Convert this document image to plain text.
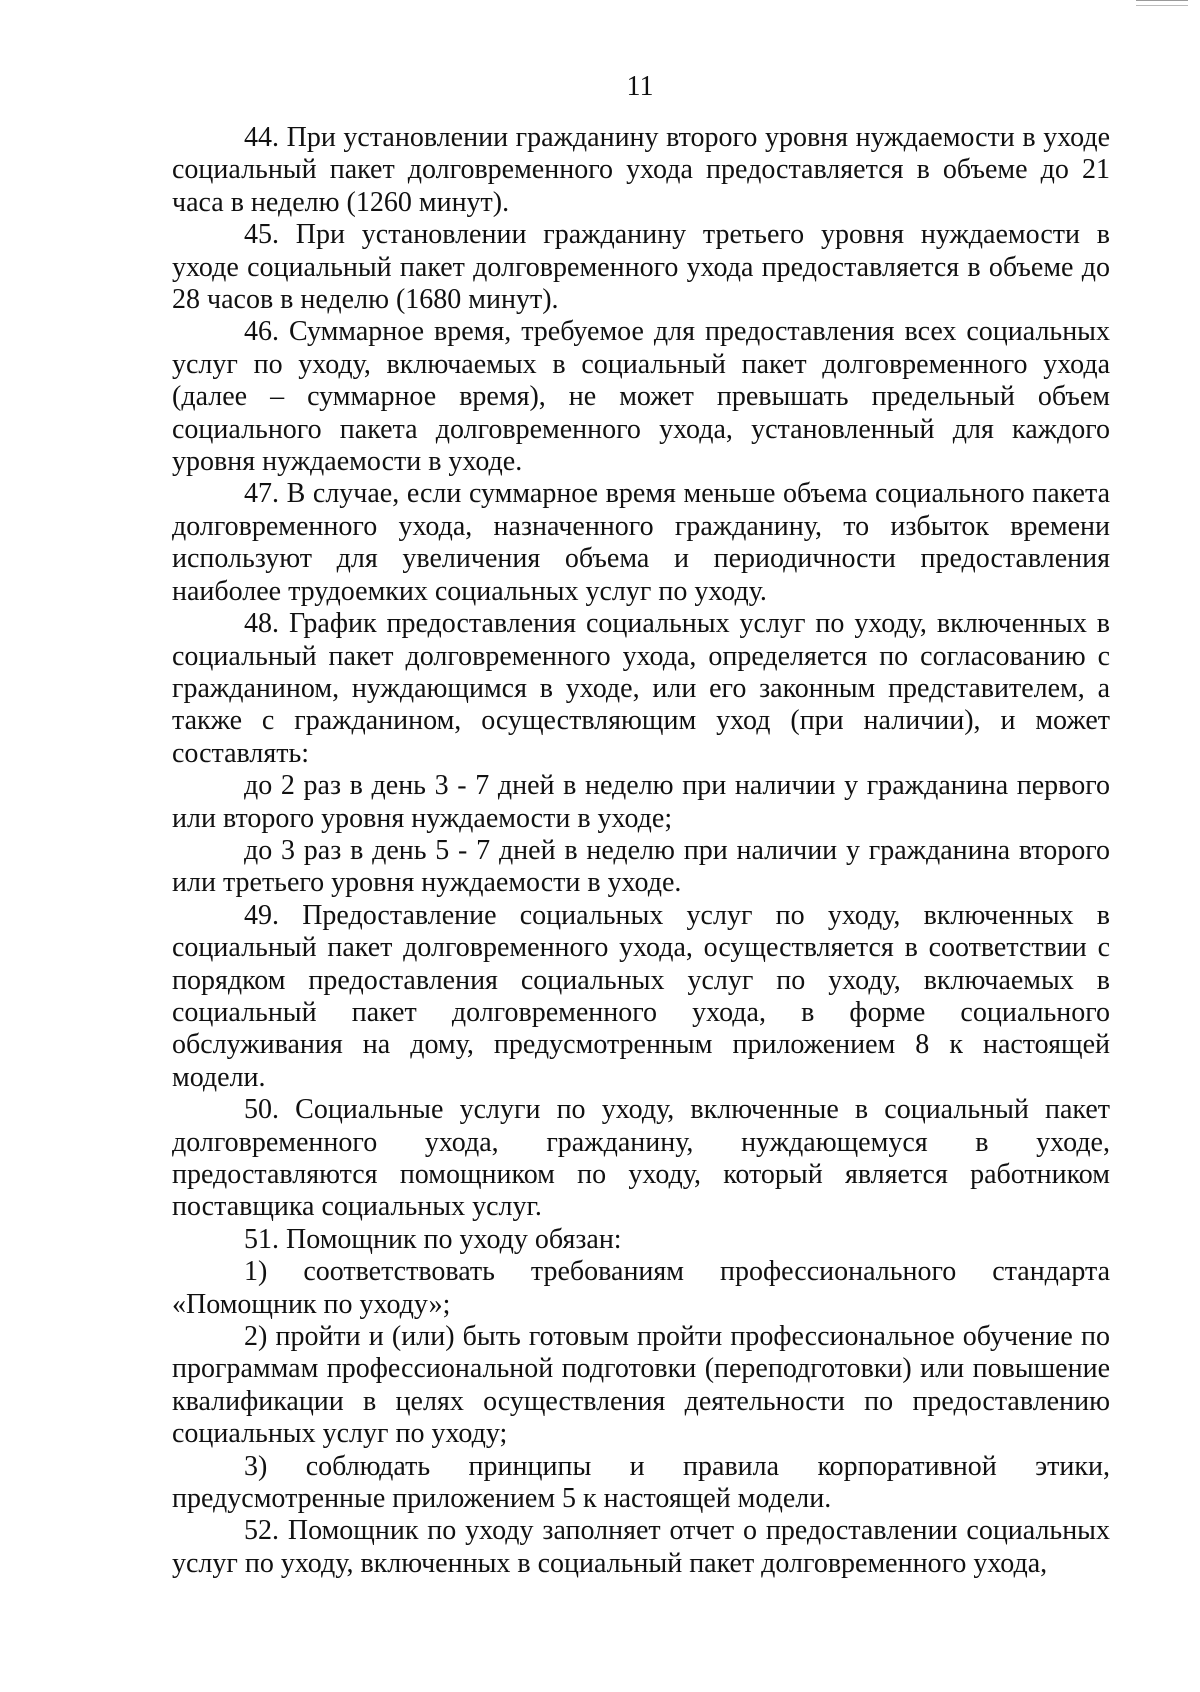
11

44. При установлении гражданину второго уровня нуждаемости в уходе социальный пакет долговременного ухода предоставляется в объеме до 21 часа в неделю (1260 минут).

45. При установлении гражданину третьего уровня нуждаемости в уходе социальный пакет долговременного ухода предоставляется в объеме до 28 часов в неделю (1680 минут).

46. Суммарное время, требуемое для предоставления всех социальных услуг по уходу, включаемых в социальный пакет долговременного ухода (далее – суммарное время), не может превышать предельный объем социального пакета долговременного ухода, установленный для каждого уровня нуждаемости в уходе.

47. В случае, если суммарное время меньше объема социального пакета долговременного ухода, назначенного гражданину, то избыток времени используют для увеличения объема и периодичности предоставления наиболее трудоемких социальных услуг по уходу.

48. График предоставления социальных услуг по уходу, включенных в социальный пакет долговременного ухода, определяется по согласованию с гражданином, нуждающимся в уходе, или его законным представителем, а также с гражданином, осуществляющим уход (при наличии), и может составлять:

до 2 раз в день 3 - 7 дней в неделю при наличии у гражданина первого или второго уровня нуждаемости в уходе;

до 3 раз в день 5 - 7 дней в неделю при наличии у гражданина второго или третьего уровня нуждаемости в уходе.

49. Предоставление социальных услуг по уходу, включенных в социальный пакет долговременного ухода, осуществляется в соответствии с порядком предоставления социальных услуг по уходу, включаемых в социальный пакет долговременного ухода, в форме социального обслуживания на дому, предусмотренным приложением 8 к настоящей модели.

50. Социальные услуги по уходу, включенные в социальный пакет долговременного ухода, гражданину, нуждающемуся в уходе, предоставляются помощником по уходу, который является работником поставщика социальных услуг.

51. Помощник по уходу обязан:

1) соответствовать требованиям профессионального стандарта «Помощник по уходу»;

2) пройти и (или) быть готовым пройти профессиональное обучение по программам профессиональной подготовки (переподготовки) или повышение квалификации в целях осуществления деятельности по предоставлению социальных услуг по уходу;

3) соблюдать принципы и правила корпоративной этики, предусмотренные приложением 5 к настоящей модели.

52. Помощник по уходу заполняет отчет о предоставлении социальных услуг по уходу, включенных в социальный пакет долговременного ухода,
